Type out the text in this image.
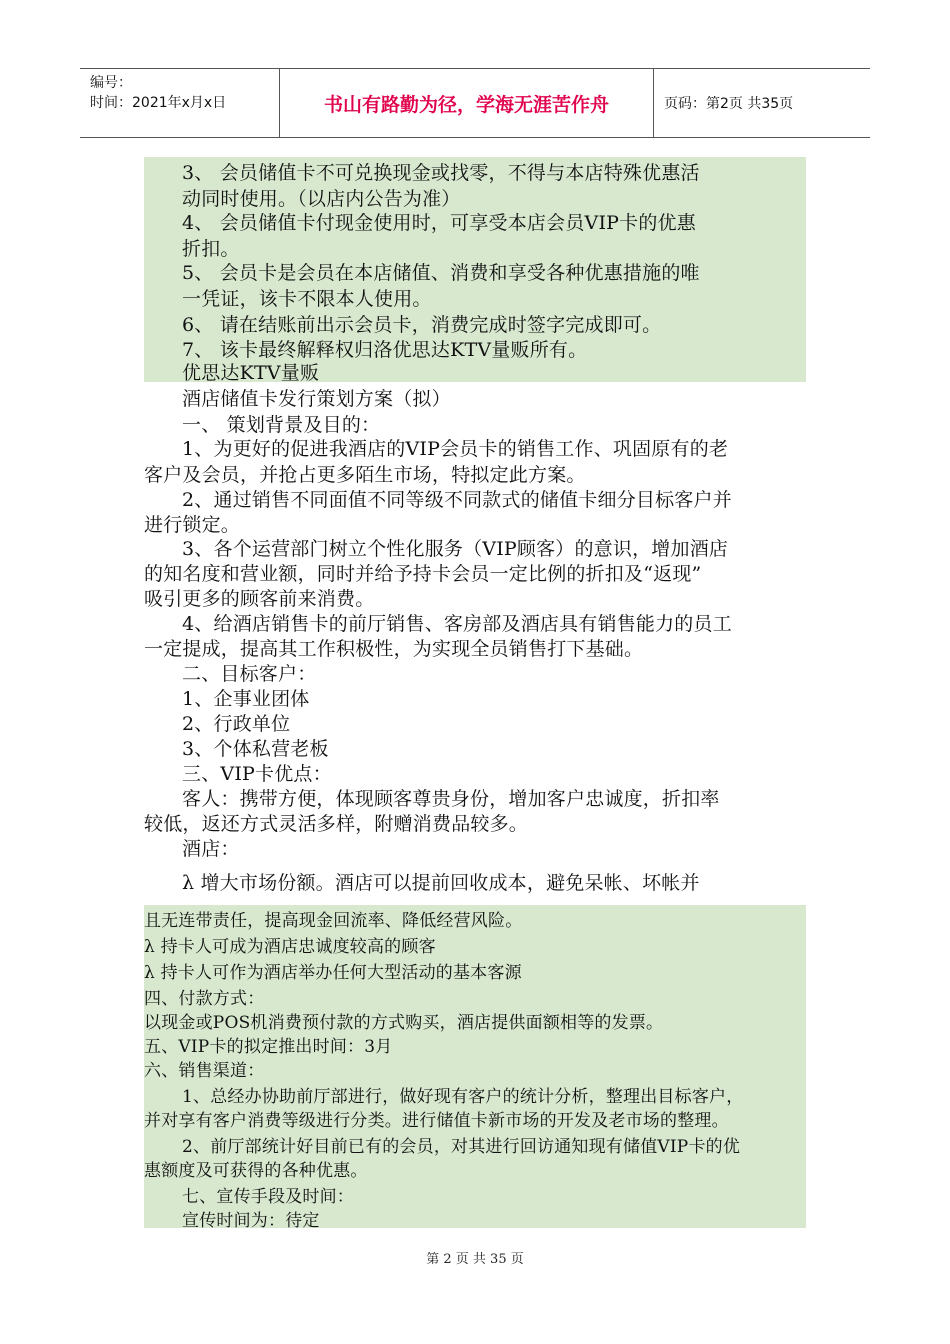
编号：
时间：2021年x月x日	书山有路勤为径，学海无涯苦作舟	页码：第2页 共35页
3、 会员储值卡不可兑换现金或找零，不得与本店特殊优惠活
动同时使用。（以店内公告为准）
4、 会员储值卡付现金使用时，可享受本店会员VIP卡的优惠
折扣。
5、 会员卡是会员在本店储值、消费和享受各种优惠措施的唯
一凭证，该卡不限本人使用。
6、 请在结账前出示会员卡，消费完成时签字完成即可。
7、 该卡最终解释权归洛优思达KTV量贩所有。
优思达KTV量贩
酒店储值卡发行策划方案（拟）
一、 策划背景及目的：
1、为更好的促进我酒店的VIP会员卡的销售工作、巩固原有的老
客户及会员，并抢占更多陌生市场，特拟定此方案。
2、通过销售不同面值不同等级不同款式的储值卡细分目标客户并
进行锁定。
3、各个运营部门树立个性化服务（VIP顾客）的意识，增加酒店
的知名度和营业额，同时并给予持卡会员一定比例的折扣及“返现”
吸引更多的顾客前来消费。
4、给酒店销售卡的前厅销售、客房部及酒店具有销售能力的员工
一定提成，提高其工作积极性，为实现全员销售打下基础。
二、目标客户：
1、企事业团体
2、行政单位
3、个体私营老板
三、VIP卡优点：
客人：携带方便，体现顾客尊贵身份，增加客户忠诚度，折扣率
较低，返还方式灵活多样，附赠消费品较多。
酒店：
λ 增大市场份额。酒店可以提前回收成本，避免呆帐、坏帐并
且无连带责任，提高现金回流率、降低经营风险。
λ 持卡人可成为酒店忠诚度较高的顾客
λ 持卡人可作为酒店举办任何大型活动的基本客源
四、付款方式：
以现金或POS机消费预付款的方式购买，酒店提供面额相等的发票。
五、VIP卡的拟定推出时间：3月
六、销售渠道：
1、总经办协助前厅部进行，做好现有客户的统计分析，整理出目标客户，
并对享有客户消费等级进行分类。进行储值卡新市场的开发及老市场的整理。
2、前厅部统计好目前已有的会员，对其进行回访通知现有储值VIP卡的优
惠额度及可获得的各种优惠。
七、宣传手段及时间：
宣传时间为：待定
第 2 页 共 35 页
